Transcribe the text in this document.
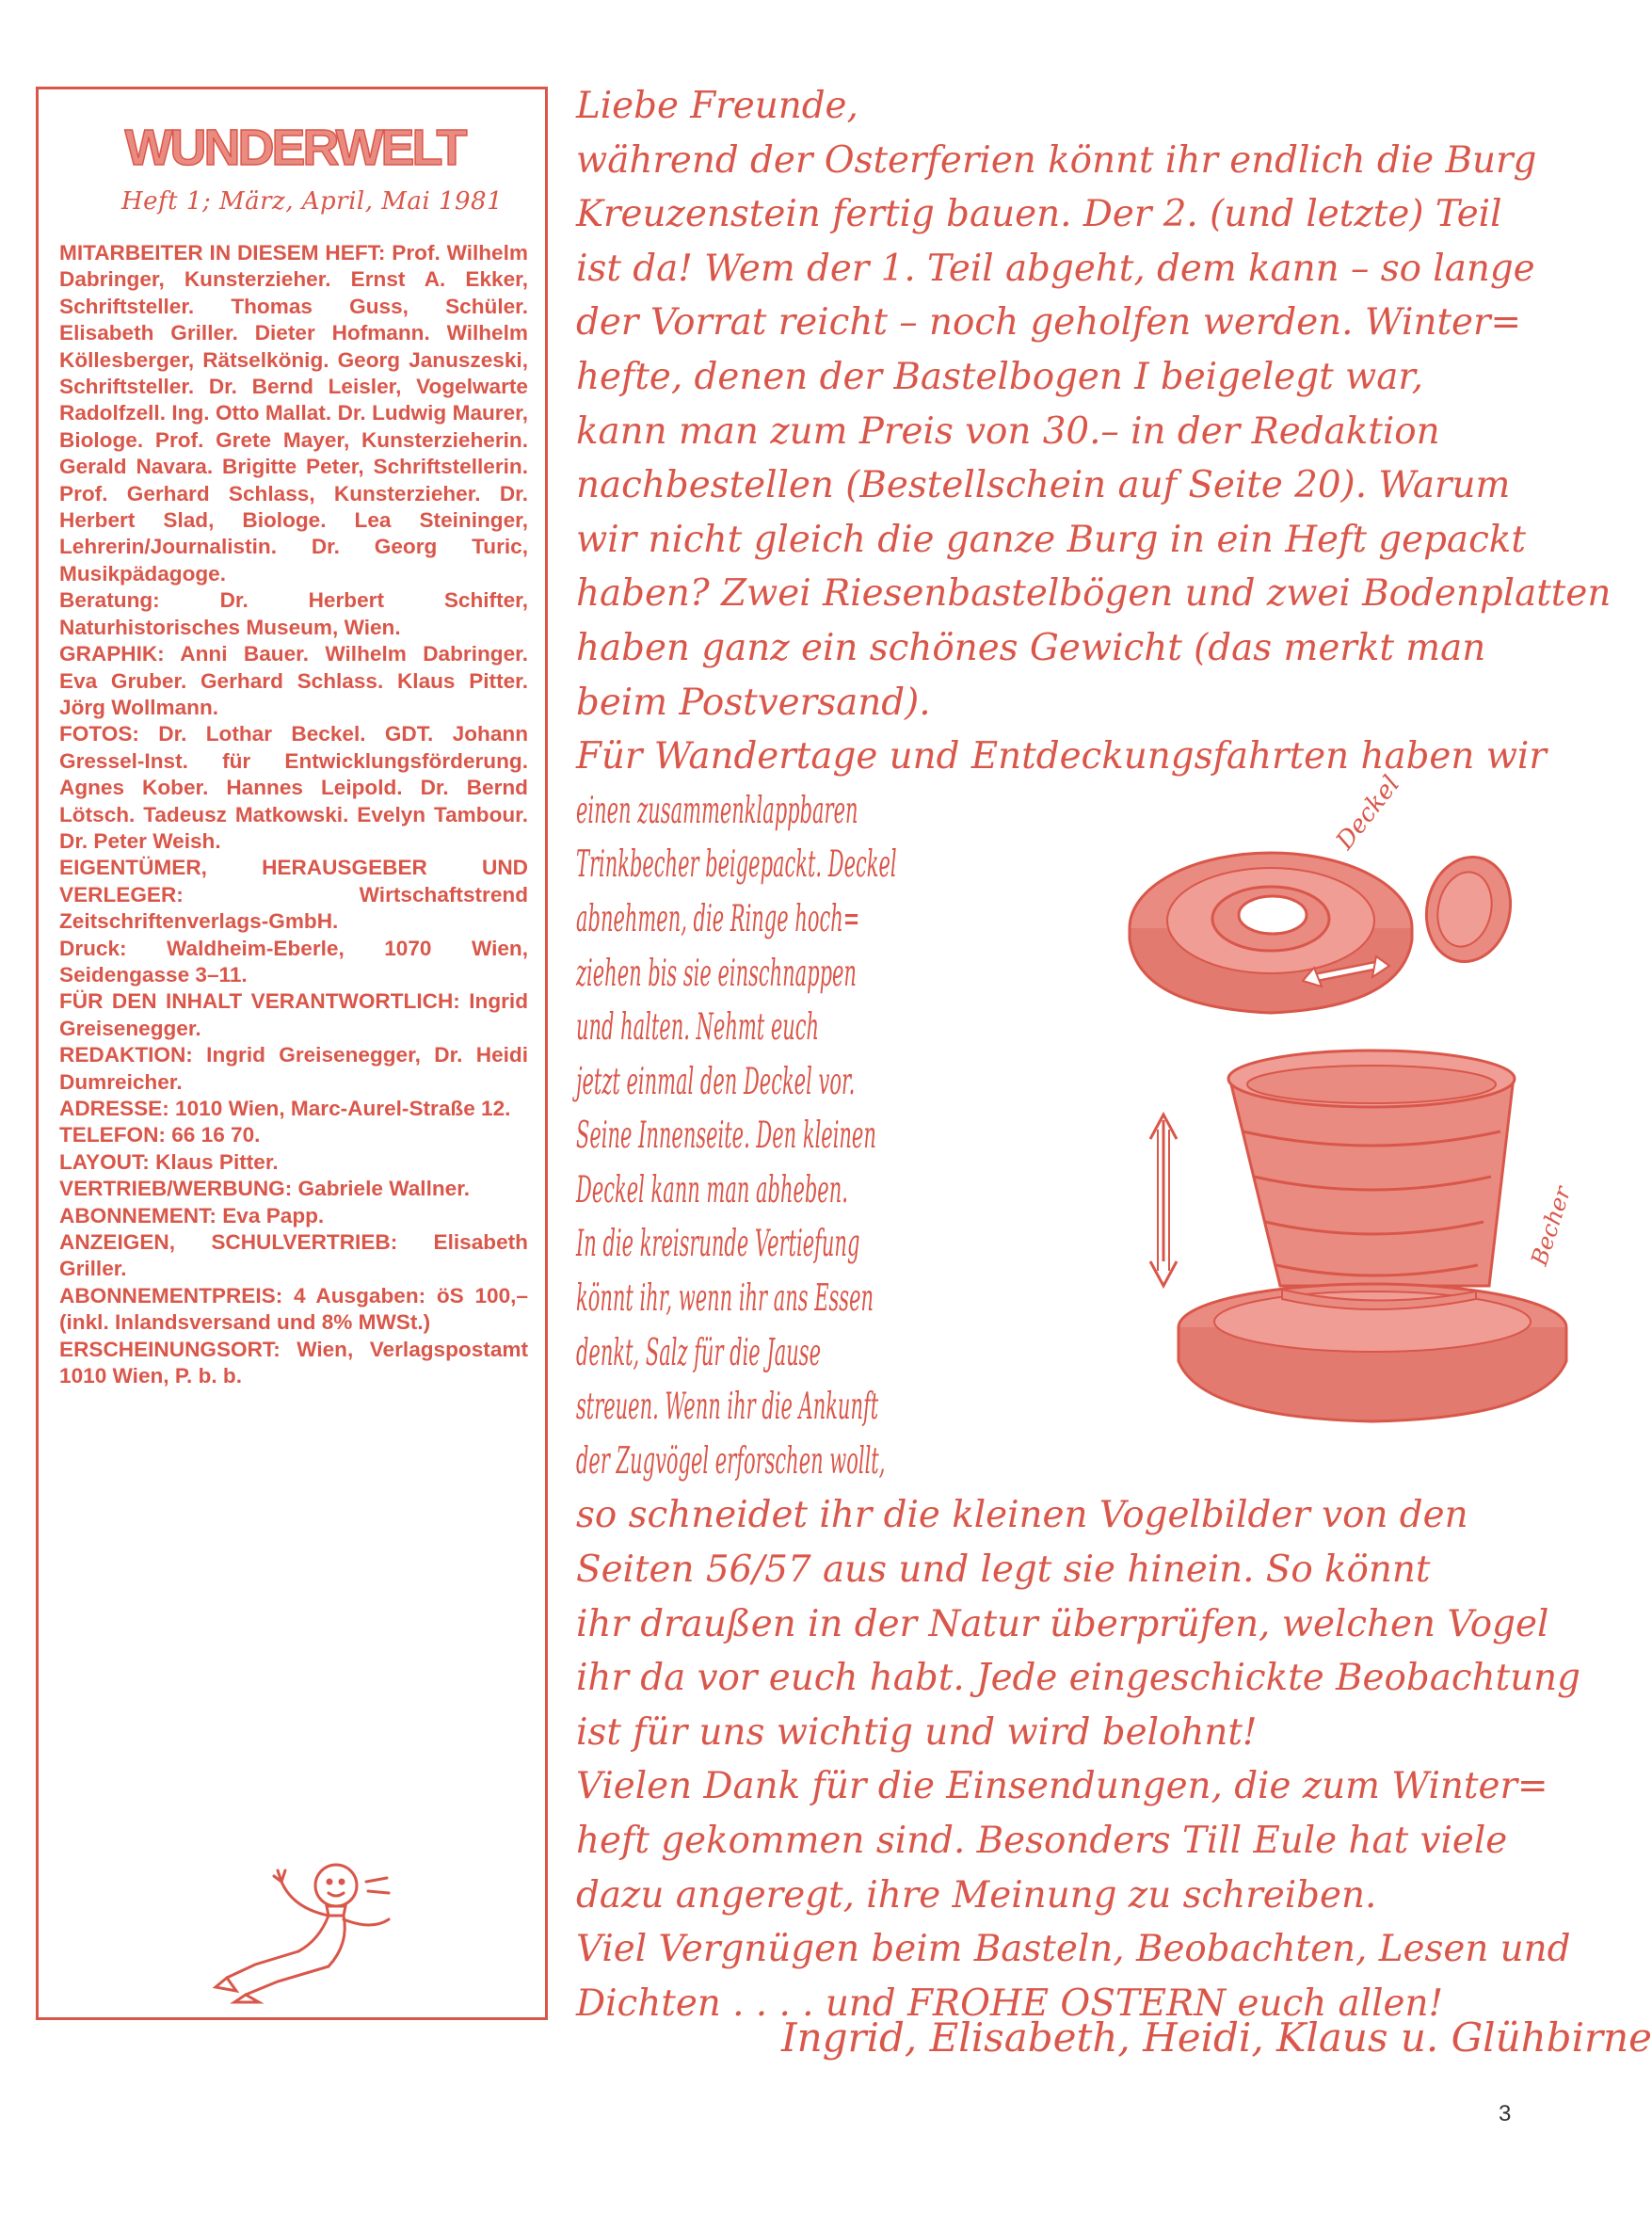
WUNDERWELT
Heft 1; März, April, Mai 1981

MITARBEITER IN DIESEM HEFT: Prof. Wilhelm Dabringer, Kunsterzieher. Ernst A. Ekker, Schriftsteller. Thomas Guss, Schüler. Elisabeth Griller. Dieter Hofmann. Wilhelm Köllesberger, Rätselkönig. Georg Januszeski, Schriftsteller. Dr. Bernd Leisler, Vogelwarte Radolfzell. Ing. Otto Mallat. Dr. Ludwig Maurer, Biologe. Prof. Grete Mayer, Kunsterzieherin. Gerald Navara. Brigitte Peter, Schriftstellerin. Prof. Gerhard Schlass, Kunsterzieher. Dr. Herbert Slad, Biologe. Lea Steininger, Lehrerin/Journalistin. Dr. Georg Turic, Musikpädagoge.

Beratung: Dr. Herbert Schifter, Naturhistorisches Museum, Wien.

GRAPHIK: Anni Bauer. Wilhelm Dabringer. Eva Gruber. Gerhard Schlass. Klaus Pitter. Jörg Wollmann.

FOTOS: Dr. Lothar Beckel. GDT. Johann Gressel-Inst. für Entwicklungsförderung. Agnes Kober. Hannes Leipold. Dr. Bernd Lötsch. Tadeusz Matkowski. Evelyn Tambour. Dr. Peter Weish.

EIGENTÜMER, HERAUSGEBER UND VERLEGER: Wirtschaftstrend Zeitschriftenverlags-GmbH.

Druck: Waldheim-Eberle, 1070 Wien, Seidengasse 3–11.

FÜR DEN INHALT VERANTWORTLICH: Ingrid Greisenegger.

REDAKTION: Ingrid Greisenegger, Dr. Heidi Dumreicher.

ADRESSE: 1010 Wien, Marc-Aurel-Straße 12.

TELEFON: 66 16 70.

LAYOUT: Klaus Pitter.

VERTRIEB/WERBUNG: Gabriele Wallner.

ABONNEMENT: Eva Papp.

ANZEIGEN, SCHULVERTRIEB: Elisabeth Griller.

ABONNEMENTPREIS: 4 Ausgaben: öS 100,– (inkl. Inlandsversand und 8% MWSt.)

ERSCHEINUNGSORT: Wien, Verlagspostamt 1010 Wien, P. b. b.

Liebe Freunde,
während der Osterferien könnt ihr endlich die Burg
Kreuzenstein fertig bauen. Der 2. (und letzte) Teil
ist da! Wem der 1. Teil abgeht, dem kann – so lange
der Vorrat reicht – noch geholfen werden. Winter=
hefte, denen der Bastelbogen I beigelegt war,
kann man zum Preis von 30.– in der Redaktion
nachbestellen (Bestellschein auf Seite 20). Warum
wir nicht gleich die ganze Burg in ein Heft gepackt
haben? Zwei Riesenbastelbögen und zwei Bodenplatten
haben ganz ein schönes Gewicht (das merkt man
beim Postversand).
Für Wandertage und Entdeckungsfahrten haben wir
einen zusammenklappbaren
Trinkbecher beigepackt. Deckel
abnehmen, die Ringe hoch=
ziehen bis sie einschnappen
und halten. Nehmt euch
jetzt einmal den Deckel vor.
Seine Innenseite. Den kleinen
Deckel kann man abheben.
In die kreisrunde Vertiefung
könnt ihr, wenn ihr ans Essen
denkt, Salz für die Jause
streuen. Wenn ihr die Ankunft
der Zugvögel erforschen wollt,
so schneidet ihr die kleinen Vogelbilder von den
Seiten 56/57 aus und legt sie hinein. So könnt
ihr draußen in der Natur überprüfen, welchen Vogel
ihr da vor euch habt. Jede eingeschickte Beobachtung
ist für uns wichtig und wird belohnt!
Vielen Dank für die Einsendungen, die zum Winter=
heft gekommen sind. Besonders Till Eule hat viele
dazu angeregt, ihre Meinung zu schreiben.
Viel Vergnügen beim Basteln, Beobachten, Lesen und
Dichten . . . . und FROHE OSTERN euch allen!
Ingrid, Elisabeth, Heidi, Klaus u. Glühbirne
Deckel
Becher
3
